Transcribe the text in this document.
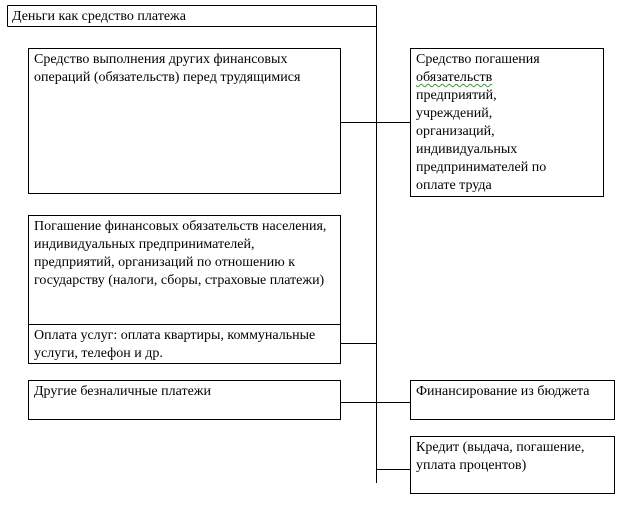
Деньги как средство платежа
Средство выполнения других финансовых операций (обязательств) перед трудящимися
Средство погашения обязательств
предприятий,
учреждений,
организаций,
индивидуальных
предпринимателей по
оплате труда
Погашение финансовых обязательств населения, индивидуальных предпринимателей, предприятий, организаций по отношению к государству (налоги, сборы, страховые платежи)
Оплата услуг: оплата квартиры, коммунальные услуги, телефон и др.
Другие безналичные платежи	Финансирование из бюджета
Кредит (выдача, погашение, уплата процентов)
